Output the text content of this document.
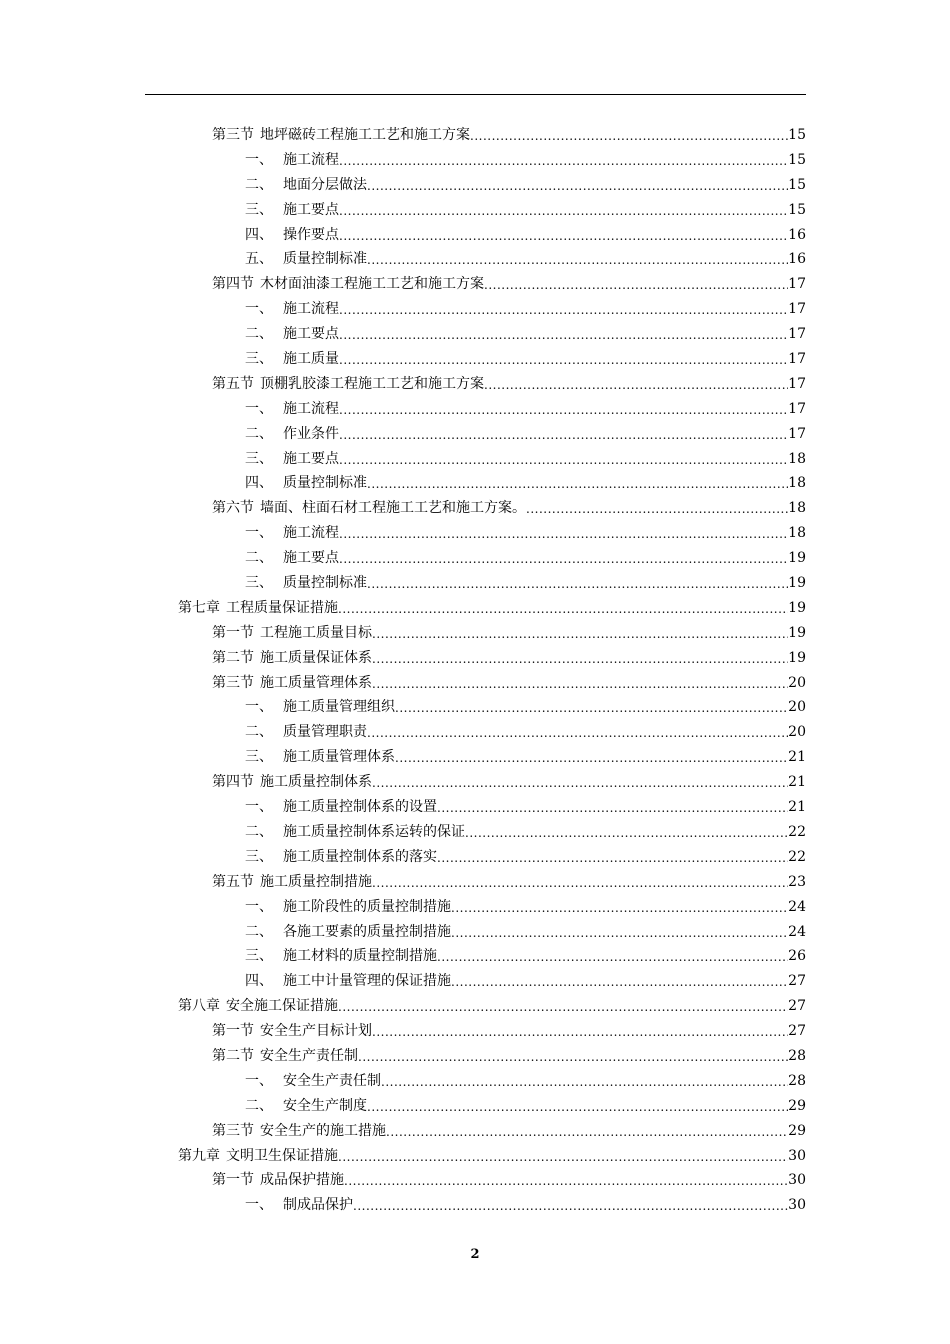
第三节 地坪磁砖工程施工工艺和施工方案 .....	15
一、 施工流程 .....	15
二、 地面分层做法 .....	15
三、 施工要点 .....	15
四、 操作要点 .....	16
五、 质量控制标准 .....	16
第四节 木材面油漆工程施工工艺和施工方案 .....	17
一、 施工流程 .....	17
二、 施工要点 .....	17
三、 施工质量 .....	17
第五节 顶棚乳胶漆工程施工工艺和施工方案 .....	17
一、 施工流程 .....	17
二、 作业条件 .....	17
三、 施工要点 .....	18
四、 质量控制标准 .....	18
第六节 墙面、柱面石材工程施工工艺和施工方案。 .....	18
一、 施工流程 .....	18
二、 施工要点 .....	19
三、 质量控制标准 .....	19
第七章 工程质量保证措施 .....	19
第一节 工程施工质量目标 .....	19
第二节 施工质量保证体系 .....	19
第三节 施工质量管理体系 .....	20
一、 施工质量管理组织 .....	20
二、 质量管理职责 .....	20
三、 施工质量管理体系 .....	21
第四节 施工质量控制体系 .....	21
一、 施工质量控制体系的设置 .....	21
二、 施工质量控制体系运转的保证 .....	22
三、 施工质量控制体系的落实 .....	22
第五节 施工质量控制措施 .....	23
一、 施工阶段性的质量控制措施 .....	24
二、 各施工要素的质量控制措施 .....	24
三、 施工材料的质量控制措施 .....	26
四、 施工中计量管理的保证措施 .....	27
第八章 安全施工保证措施 .....	27
第一节 安全生产目标计划 .....	27
第二节 安全生产责任制 .....	28
一、 安全生产责任制 .....	28
二、 安全生产制度 .....	29
第三节 安全生产的施工措施 .....	29
第九章 文明卫生保证措施 .....	30
第一节 成品保护措施 .....	30
一、 制成品保护 .....	30
2
